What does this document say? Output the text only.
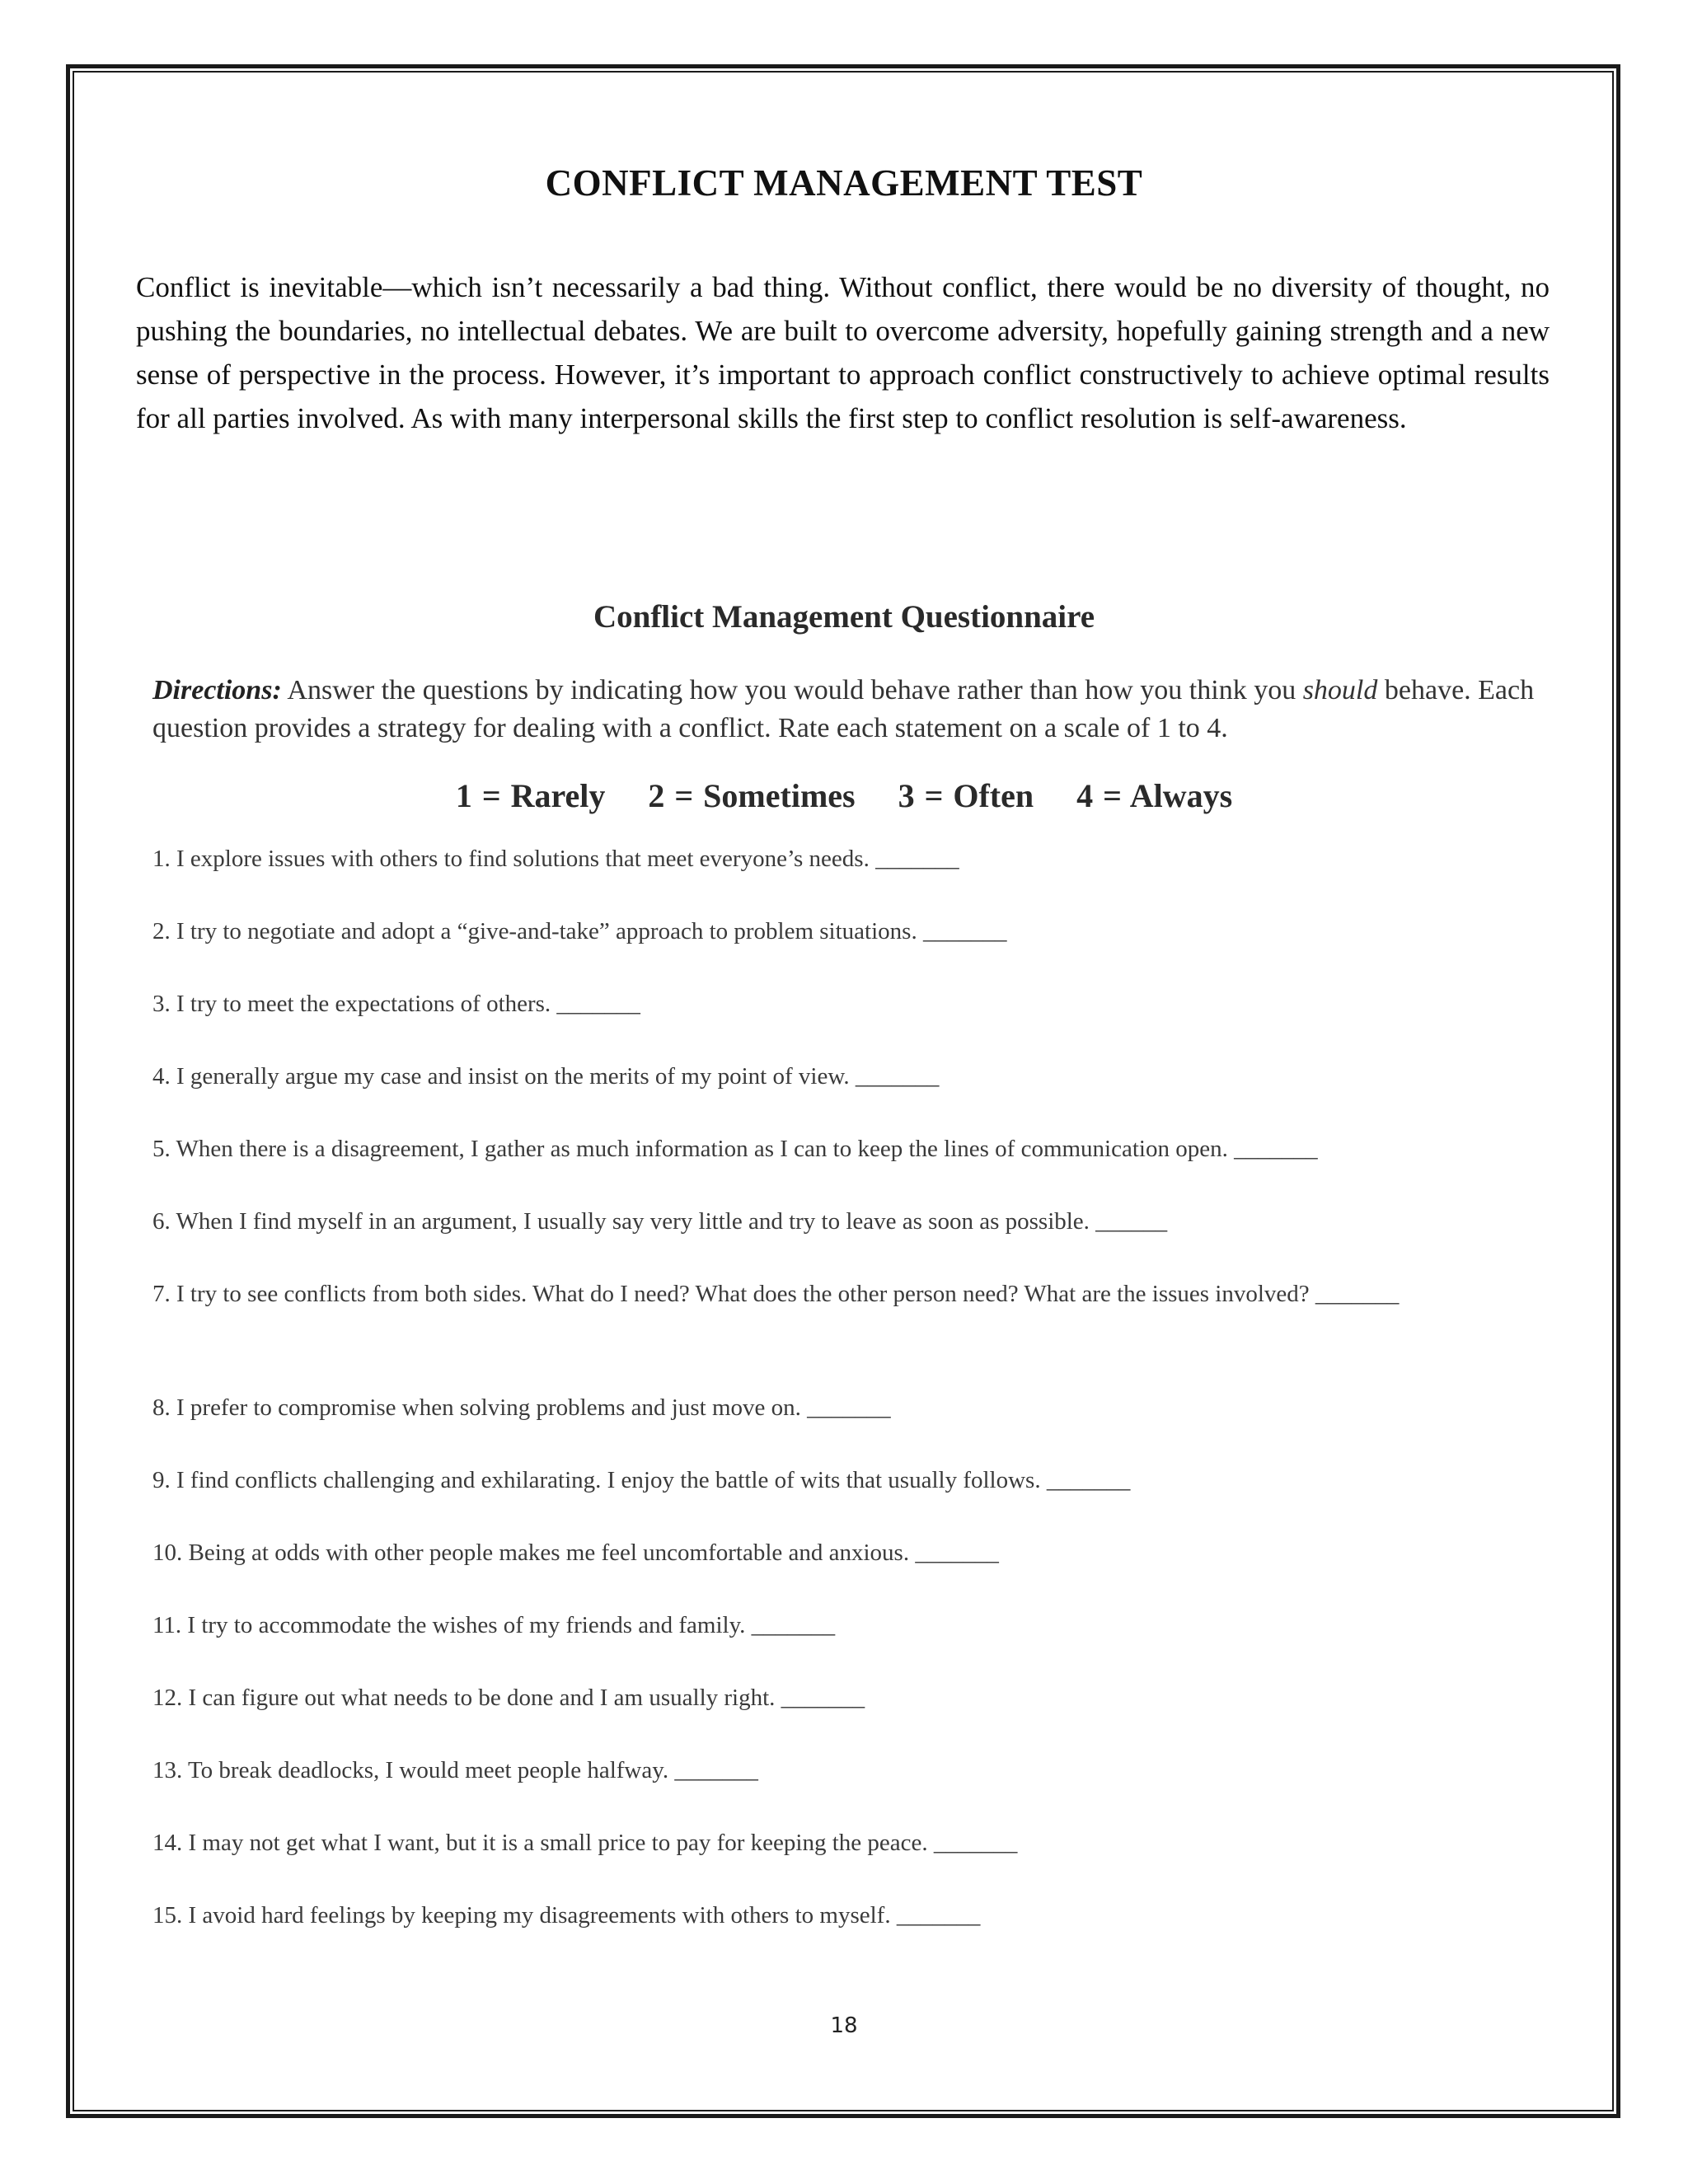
CONFLICT MANAGEMENT TEST

Conflict is inevitable—which isn’t necessarily a bad thing. Without conflict, there would be no diversity of thought, no pushing the boundaries, no intellectual debates. We are built to overcome adversity, hopefully gaining strength and a new sense of perspective in the process. However, it’s important to approach conflict constructively to achieve optimal results for all parties involved. As with many interpersonal skills the first step to conflict resolution is self-awareness.

Conflict Management Questionnaire

Directions: Answer the questions by indicating how you would behave rather than how you think you should behave. Each question provides a strategy for dealing with a conflict. Rate each statement on a scale of 1 to 4.

1 = Rarely 2 = Sometimes 3 = Often 4 = Always
1. I explore issues with others to find solutions that meet everyone’s needs. _______
2. I try to negotiate and adopt a “give-and-take” approach to problem situations. _______
3. I try to meet the expectations of others. _______
4. I generally argue my case and insist on the merits of my point of view. _______
5. When there is a disagreement, I gather as much information as I can to keep the lines of communication open. _______
6. When I find myself in an argument, I usually say very little and try to leave as soon as possible. ______
7. I try to see conflicts from both sides. What do I need? What does the other person need? What are the issues involved? _______
8. I prefer to compromise when solving problems and just move on. _______
9. I find conflicts challenging and exhilarating. I enjoy the battle of wits that usually follows. _______
10. Being at odds with other people makes me feel uncomfortable and anxious. _______
11. I try to accommodate the wishes of my friends and family. _______
12. I can figure out what needs to be done and I am usually right. _______
13. To break deadlocks, I would meet people halfway. _______
14. I may not get what I want, but it is a small price to pay for keeping the peace. _______
15. I avoid hard feelings by keeping my disagreements with others to myself. _______
18
